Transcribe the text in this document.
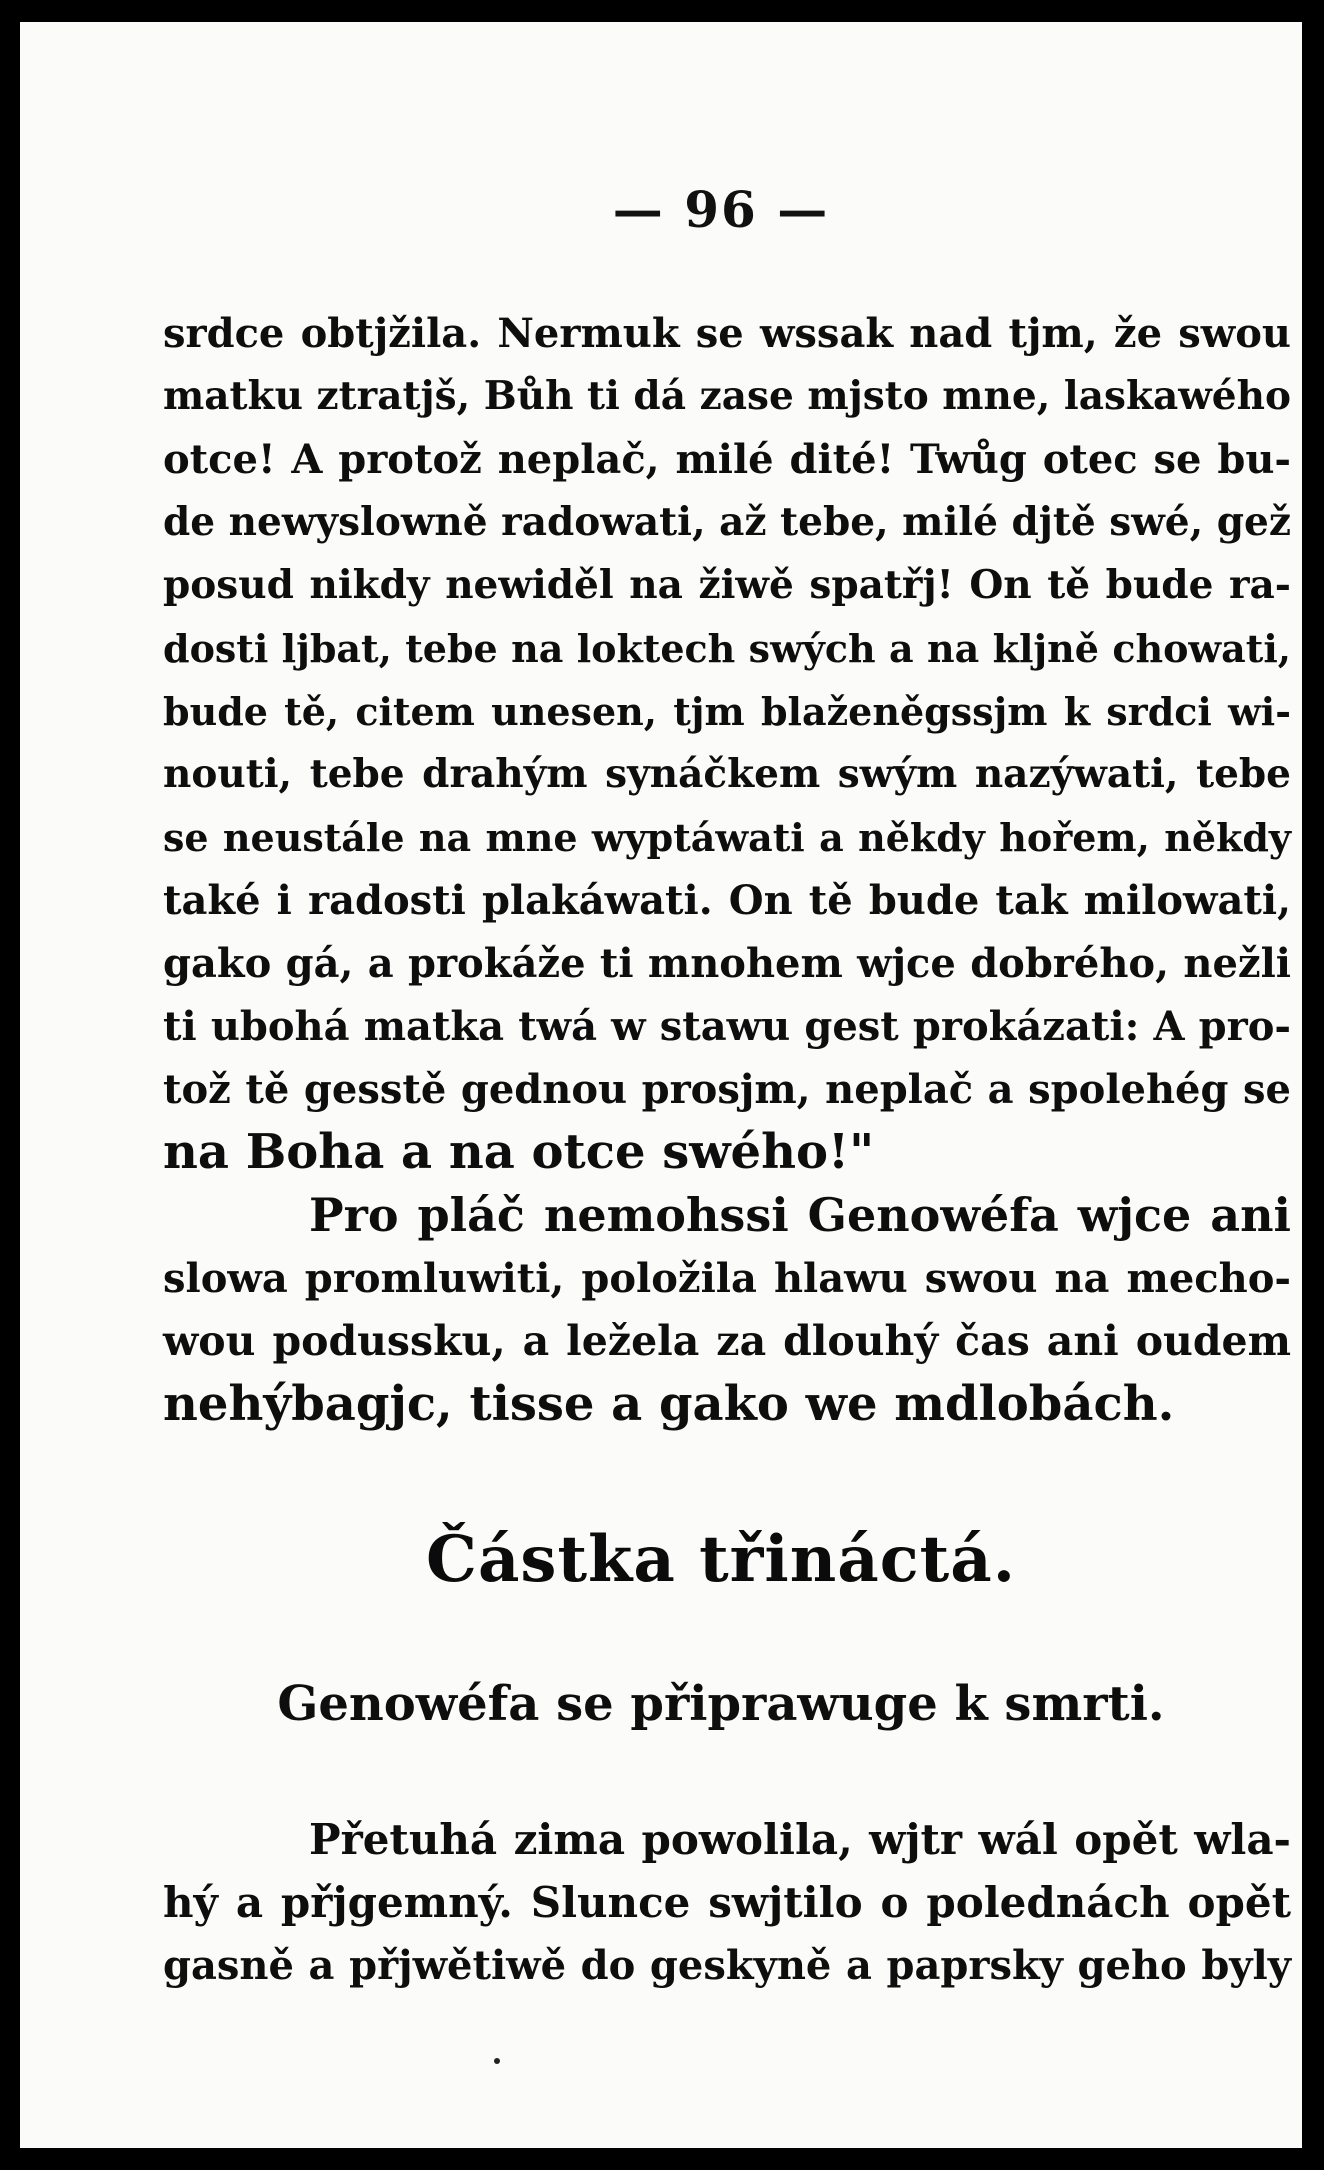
— 96 —
srdce obtjžila. Nermuk se wssak nad tjm, že swou
matku ztratjš, Bůh ti dá zase mjsto mne, laskawého
otce! A protož neplač, milé dité! Twůg otec se bu-
de newyslowně radowati, až tebe, milé djtě swé, gež
posud nikdy newiděl na žiwě spatřj! On tě bude ra-
dosti ljbat, tebe na loktech swých a na kljně chowati,
bude tě, citem unesen, tjm blaženěgssjm k srdci wi-
nouti, tebe drahým synáčkem swým nazýwati, tebe
se neustále na mne wyptáwati a někdy hořem, někdy
také i radosti plakáwati. On tě bude tak milowati,
gako gá, a prokáže ti mnohem wjce dobrého, nežli
ti ubohá matka twá w stawu gest prokázati: A pro-
tož tě gesstě gednou prosjm, neplač a spolehég se
na Boha a na otce swého!"
Pro pláč nemohssi Genowéfa wjce ani
slowa promluwiti, položila hlawu swou na mecho-
wou podussku, a ležela za dlouhý čas ani oudem
nehýbagjc, tisse a gako we mdlobách.
Částka třináctá.
Genowéfa se připrawuge k smrti.
Přetuhá zima powolila, wjtr wál opět wla-
hý a přjgemný. Slunce swjtilo o polednách opět
gasně a přjwětiwě do geskyně a paprsky geho byly
